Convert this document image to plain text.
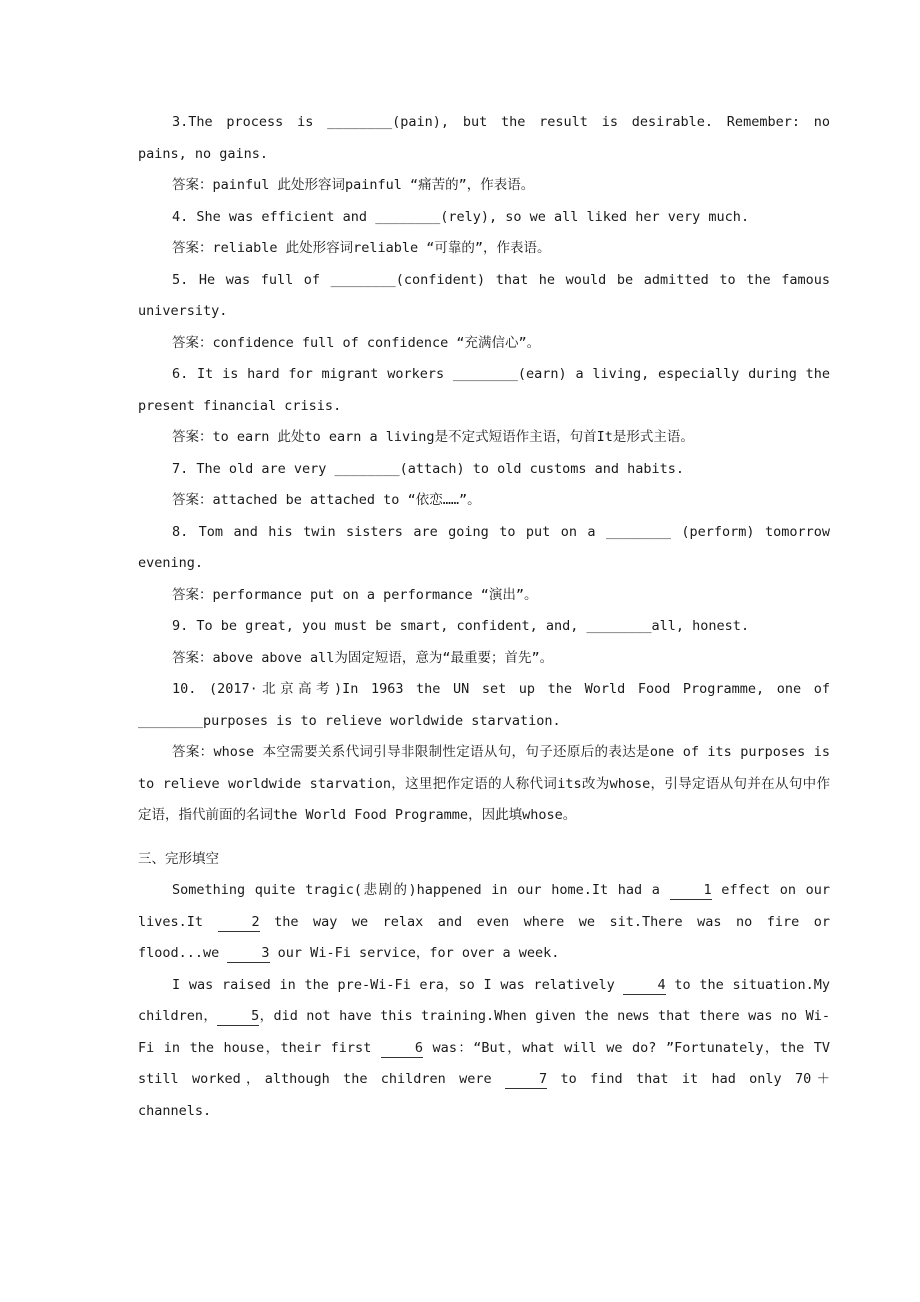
3.The process is ________(pain), but the result is desirable. Remember: no pains, no gains.

答案：painful 此处形容词painful “痛苦的”，作表语。

4. She was efficient and ________(rely), so we all liked her very much.

答案：reliable 此处形容词reliable “可靠的”，作表语。

5. He was full of ________(confident) that he would be admitted to the famous university.

答案：confidence full of confidence “充满信心”。

6. It is hard for migrant workers ________(earn) a living, especially during the present financial crisis.

答案：to earn 此处to earn a living是不定式短语作主语，句首It是形式主语。

7. The old are very ________(attach) to old customs and habits.

答案：attached be attached to “依恋……”。

8. Tom and his twin sisters are going to put on a ________ (perform) tomorrow evening.

答案：performance put on a performance “演出”。

9. To be great, you must be smart, confident, and, ________all, honest.

答案：above above all为固定短语，意为“最重要；首先”。

10. (2017·北京高考)In 1963 the UN set up the World Food Programme, one of ________purposes is to relieve worldwide starvation.

答案：whose 本空需要关系代词引导非限制性定语从句，句子还原后的表达是one of its purposes is to relieve worldwide starvation，这里把作定语的人称代词its改为whose，引导定语从句并在从句中作定语，指代前面的名词the World Food Programme，因此填whose。

三、完形填空

Something quite tragic(悲剧的)happened in our home.It had a	1 effect on our lives.It	2 the way we relax and even where we sit.There was no fire or flood...we	3 our Wi-Fi service，for over a week.

I was raised in the pre-Wi-Fi era，so I was relatively	4 to the situation.My children，	5，did not have this training.When given the news that there was no Wi-Fi in the house，their first	6 was：“But，what will we do? ”Fortunately，the TV still worked，although the children were	7 to find that it had only 70＋ channels.
